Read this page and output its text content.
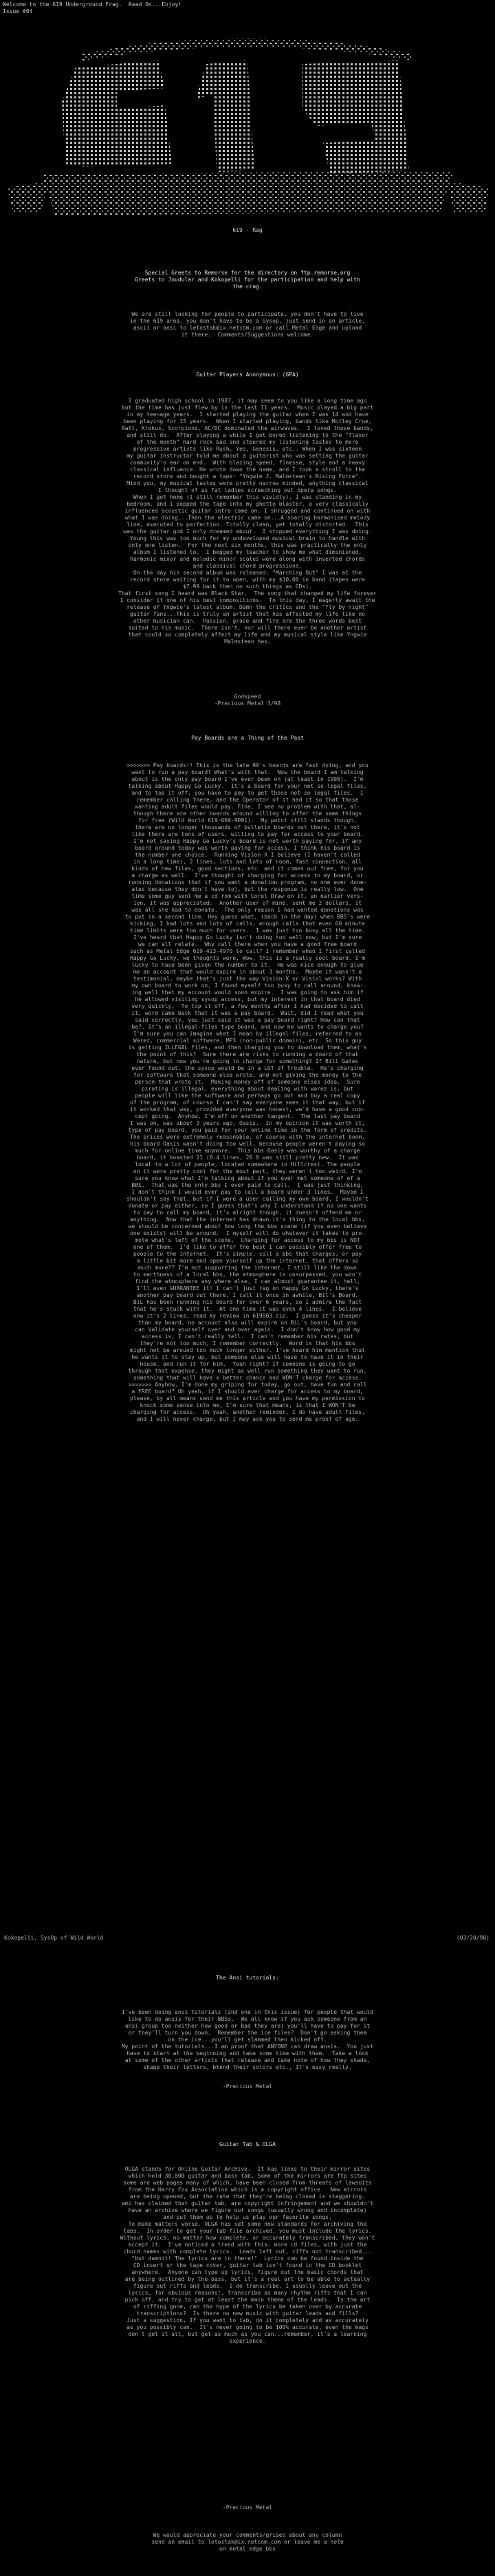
Welcome to the 619 Underground Frag.  Read On...Enjoy!
Issue #04
619 - Rag
Special Greets to Remorse for the directory on ftp.remorse.org
Greets to Joudular and Kokopelli for the participation and help with
the crag.
We are still looking for people to participate, you don't have to live
in the 619 area, you don't have to be a Sysop, just send in an article,
ascii or ansi to letostak@ix.netcom.com or call Metal Edge and upload
it there.  Comments/Suggestions welcome.
Guitar Players Anonymous: (GPA)
I graduated high school in 1987, it may seem to you like a long time ago
but the time has just flew by in the last 11 years.  Music played a big part
in my teenage years.  I started playing the guitar when I was 14 and have
been playing for 15 years.  When I started playing, bands like Motley Crue,
Ratt, Krokus, Scorpions, AC/DC dominated the airwaves.  I loved those bands,
and still do.  After playing a while I got bored listening to the "flavor
of the month" hard rock bad and steered my listening tastes to more
progressive artists like Rush, Yes, Genesis, etc.. When I was sixteen
my guitar instructor told me about a guitarist who was setting the guitar
community's ear on end.  With blazing speed, finesse, style and a heavy
classical influence. He wrote down the name, and I took a stroll to the
record store and bought a tape: "Yngwie J. Malmsteen's Rising Force".
Mind you, my musical tastes were pretty narrow minded, anything classical
I thought of as fat ladies screeching out opera songs.
When I got home (I still remember this vividly), I was standing in my
bedroom, and I popped the tape into my ghetto blaster, a very classically
influenced acoustic guitar intro came on. I shrugged and continued on with
what I was doing...Then the electric came on...A soaring harmonized melody
line, executed to perfection. Totally clean, yet totally distorted.  This
was the guitar god I only dreamed about.  I stopped everything I was doing.
Young this was too much for my undeveloped musical brain to handle with
only one listen.  For the next six months, this was practically the only
album I listened to.  I begged my teacher to show me what diminished,
harmonic minor and melodic minor scales were along with inverted chords
and classical chord progressions.
On the day his second album was released: "Marching Out" I was at the
record store waiting for it to open, with my $10.00 in hand (tapes were
$7.99 back then no such things as CDs).
That first song I heard was Black Star.  The song that changed my life forever
I consider it one of his best compositions.  To this day, I eagerly await the
release of Yngwie's latest album. Damn the critics and the "fly by night"
guitar fans...This is truly an artist that has affected my life like no
other musician can.  Passion, grace and fire are the three words best
suited to his music.  There isn't, nor will there ever be another artist
that could so completely affect my life and my musical style like Yngwie
Malmsteen has.
Godspeed
-Precious Metal 3/98
Pay Boards are a Thing of the Past
>>>>>>> Pay boards!! This is the late 90's boards are fast dying, and you
want to run a pay board? What's with that.  Now the board I am talking
about is the only pay board I've ever been on (at least in 1998).  I'm
talking about Happy Go Lucky.  It's a board for your net so legal files,
and to top it off, you have to pay to get those not so legal files.  I
remember calling there, and the Operator of it had it so that those
wanting adult files would pay. Fine, I see no problem with that, al-
though there are other boards around willing to offer the same things
for free (Wild World 619-660-9091).  My point still stands though,
there are no longer thousands of bulletin boards out there, it's not
like there are tons of users, willing to pay for access to your board.
I'm not saying Happy Go Lucky's board is not worth paying for, if any
board around today was worth paying for access, I think his board is
the number one choice.  Running Vision-X I believe (I haven't called
in a long time), 2 lines, lots and lots of room, fast connection, all
kinds of new files, good sections, etc. and it comes out free, for you
a charge as well.  I've thought of charging for access to my board, or
running donations that if you want a donation program, no one ever done-
ates because they don't have to), but the response is really low.  One
time some guy sent me a cd rom with Corel Draw on it, an earlier vers-
ion, it was appreciated.  Another user of mine, sent me 2 dollars, it
was all she had to donate.  The only reason I had wanted donations was
to put in a second line. Hey guess what, (back in the day) when BBS's were
kicking, I had lots and lots of calls, enough calls that even 60 minute
time limits were too much for users.  I was just too busy all the time.
I've heard that Happy Go Lucky isn't doing too well now, but I'm sure
we can all relate.  Why call there when you have a good free board
such as Metal Edge 619-423-4970 to call? I remember when I first called
Happy Go Lucky, we thoughts were, Wow, this is a really cool board. I'm
lucky to have been given the number to it.  He was nice enough to give
me an account that would expire in about 3 months.  Maybe it wasn't a
testimonial, maybe that's just the way Vision-X or Visiol works? With
my own board to work on, I found myself too busy to call around, know-
ing well that my account would soon expire.  I was going to ask him if
he allowed visiting sysop access, but my interest in that board died
very quickly.  To top it off, a few months after I had decided to call
it, word came back that it was a pay board.  Wait, did I read what you
said correctly, you just said it was a pay board right? How can that
be?. It's an illegal-files type board, and now he wants to charge you?
I'm sure you can imagine what I mean by illegal-files, referred to as
Warez, commercial software, MP3 (non-public domain), etc. So this guy
is getting ILLEGAL files, and then charging you to download them, what's
the point of this?  Sure there are risks to running a board of that
nature, but now you're going to charge for something? If Bill Gates
ever found out, the sysop would be in a LOT of trouble.  He's charging
for software that someone else wrote, and not giving the money to the
person that wrote it.  Making money off of someone elses idea.  Sure
pirating is illegal, everything about dealing with warez is, but
people will like the software and perhaps go out and buy a real copy
of the program, of course I can't say everyone sees it that way, but if
it worked that way, provided everyone was honest, we'd have a good con-
cept going.  Anyhow, I'm off on another tangent.  The last pay board
I was on, was about 3 years ago, Oasis.  In my opinion it was worth it,
type of pay board, you paid for your online time in the form of credits.
The prices were extremely reasonable, of course with the internet boom,
his board Oasis wasn't doing too well, because people weren't paying so
much for online time anymore.  This bbs Oasis was worthy of a charge
board, it boasted 21 (8.4 lines, 28.8 was still pretty new.  It was
local to a lot of people, located somewhere in Hillcrest. The people
on it were pretty cool for the most part, they weren't too weird. I'm
sure you know what I'm talking about if you ever met someone of of a
BBS.  That was the only bbs I ever paid to call.  I was just thinking,
I don't think I would ever pay to call a board under 3 lines.  Maybe I
shouldn't say that, but if I were a user calling my own board, I wouldn't
donate or pay either, so I guess that's why I understand if no one wants
to pay to call my board, it's alright though, it doesn't offend me or
anything.  Now that the internet has drawn it's thing to the local bbs,
we should be concerned about how long the bbs scene (if you even believe
one exists) will be around.  I myself will do whatever it takes to pro-
mote what's left of the scene.  Charging for access to my bbs is NOT
one of them.  I'd like to offer the best I can possibly offer free to
people to the internet.  It's simple, call a bbs that charges, or pay
a little bit more and open yourself up the internet, that offers so
much more?? I'm not supporting the internet, I still like the down
to earthness of a local bbs, the atmosphere is unsurpassed, you won't
find the atmosphere any where else, I can almost guarantee it, hell,
I'll even GUARANTEE it! I can't just rag on Happy Go Lucky, there's
another pay board out there, I call it once in awhile, Bil's Board.
BiL has been running his board for over 6 years, so I admire the fact
that he's stuck with it.  At one time it was even 4 lines.  I believe
now it's 2 lines, read my review in 619003.zip,  I guess it's cheaper
than my board, no account also will expire on BiL's board, but you
can Validate yourself over and over again.  I don't know how good my
access is, I can't really tell.  I can't remember his rates, but
they're not too much, I remember correctly.  Word is that his bbs
might not be around too much longer either. I've heard him mention that
he wants it to stay up, but someone else will have to have it in their
house, and run it for him.  Yeah right? If someone is going to go
through that expense, they might as well run something they want to run,
something that will have a better chance and WON'T charge for access.
>>>>>>> Anyhow, I'm done my griping for today, go out, have fun and call
a FREE board? Oh yeah, if I should ever charge for access to my board,
please, by all means send me this article and you have my permission to
knock some sense into me, I'm sure that means, is that I WON'T be
charging for access.  Oh yeah, another reminder, I do have adult files,
and I will never charge, but I may ask you to send me proof of age.
Kokopelli, SysOp of Wild World	(03/20/98)
The Ansi tutorials:
I've been doing ansi tutorials (2nd one in this issue) for people that would
like to do ansis for their BBSs.  We all know if you ask someone from an
ansi group too neither how good or bad they are) you'll have to pay for it
or they'll turn you down.  Remember the ice files?  Don't go asking them
on the ice...you'll get slammed then kicked off.
My point of the tutorials...I am proof that ANYONE can draw ansis.  You just
have to start at the beginning and take some time with them.  Take a look
at some of the other artists that release and take note of how they shade,
shape their letters, blend their colors etc., It's easy really.
-Precious Metal
Guitar Tab & OLGA
OLGA stands for Online Guitar Archive.  It has links to their mirror sites
which hold 30,000 guitar and bass tab. Some of the mirrors are ftp sites
some are web pages many of which, have been closed from threats of lawsuits
from the Harry Fox Association which is a copyright office.  New mirrors
are being opened, but the rate that they're being closed is staggering.
emi has claimed that guitar tab, are copyright infringement and we shouldn't
have an archive where we figure out songs (usually wrong and incomplete)
and put them up to help us play our favorite songs.
To make matters worse, OLGA has set some new standards for archiving the
tabs.  In order to get your tab file archived, you must include the lyrics.
Without lyrics, no matter how complete, or accurately transcribed, they won't
accept it.  I've noticed a trend with this: more cd files, with just the
chord names with complete lyrics.  Leads left out, riffs not transcribed...
"but damnit! The lyrics are in there!"  Lyrics can be found inside the
CD insert or the tape cover, guitar tab isn't found in the CD booklet
anywhere.  Anyone can type up lyrics, figure out the basic chords that
are being outlined by the bass, but it's a real art to be able to actually
figure out riffs and leads.  I do transcribe, I usually leave out the
lyrics, for obvious reasons!, transcribe as many rhythm riffs that I can
pick off, and try to get at least the main theme of the leads.  Is the art
of riffing gone, can the hype of the lyrics be taken over by accurate
transcriptions?  Is there no new music with guitar leads and fills?
Just a suggestion, If you want to tab, do it completely and as accurately
as you possibly can.  It's never going to be 100% accurate, even the mags
don't get it all, but get as much as you can...remember, it's a learning
experience.
-Precious Metal
We would appreciate your comments/gripes about any column
send an email to letostak@ix.netcom.com or leave me a note
on metal edge bbs
